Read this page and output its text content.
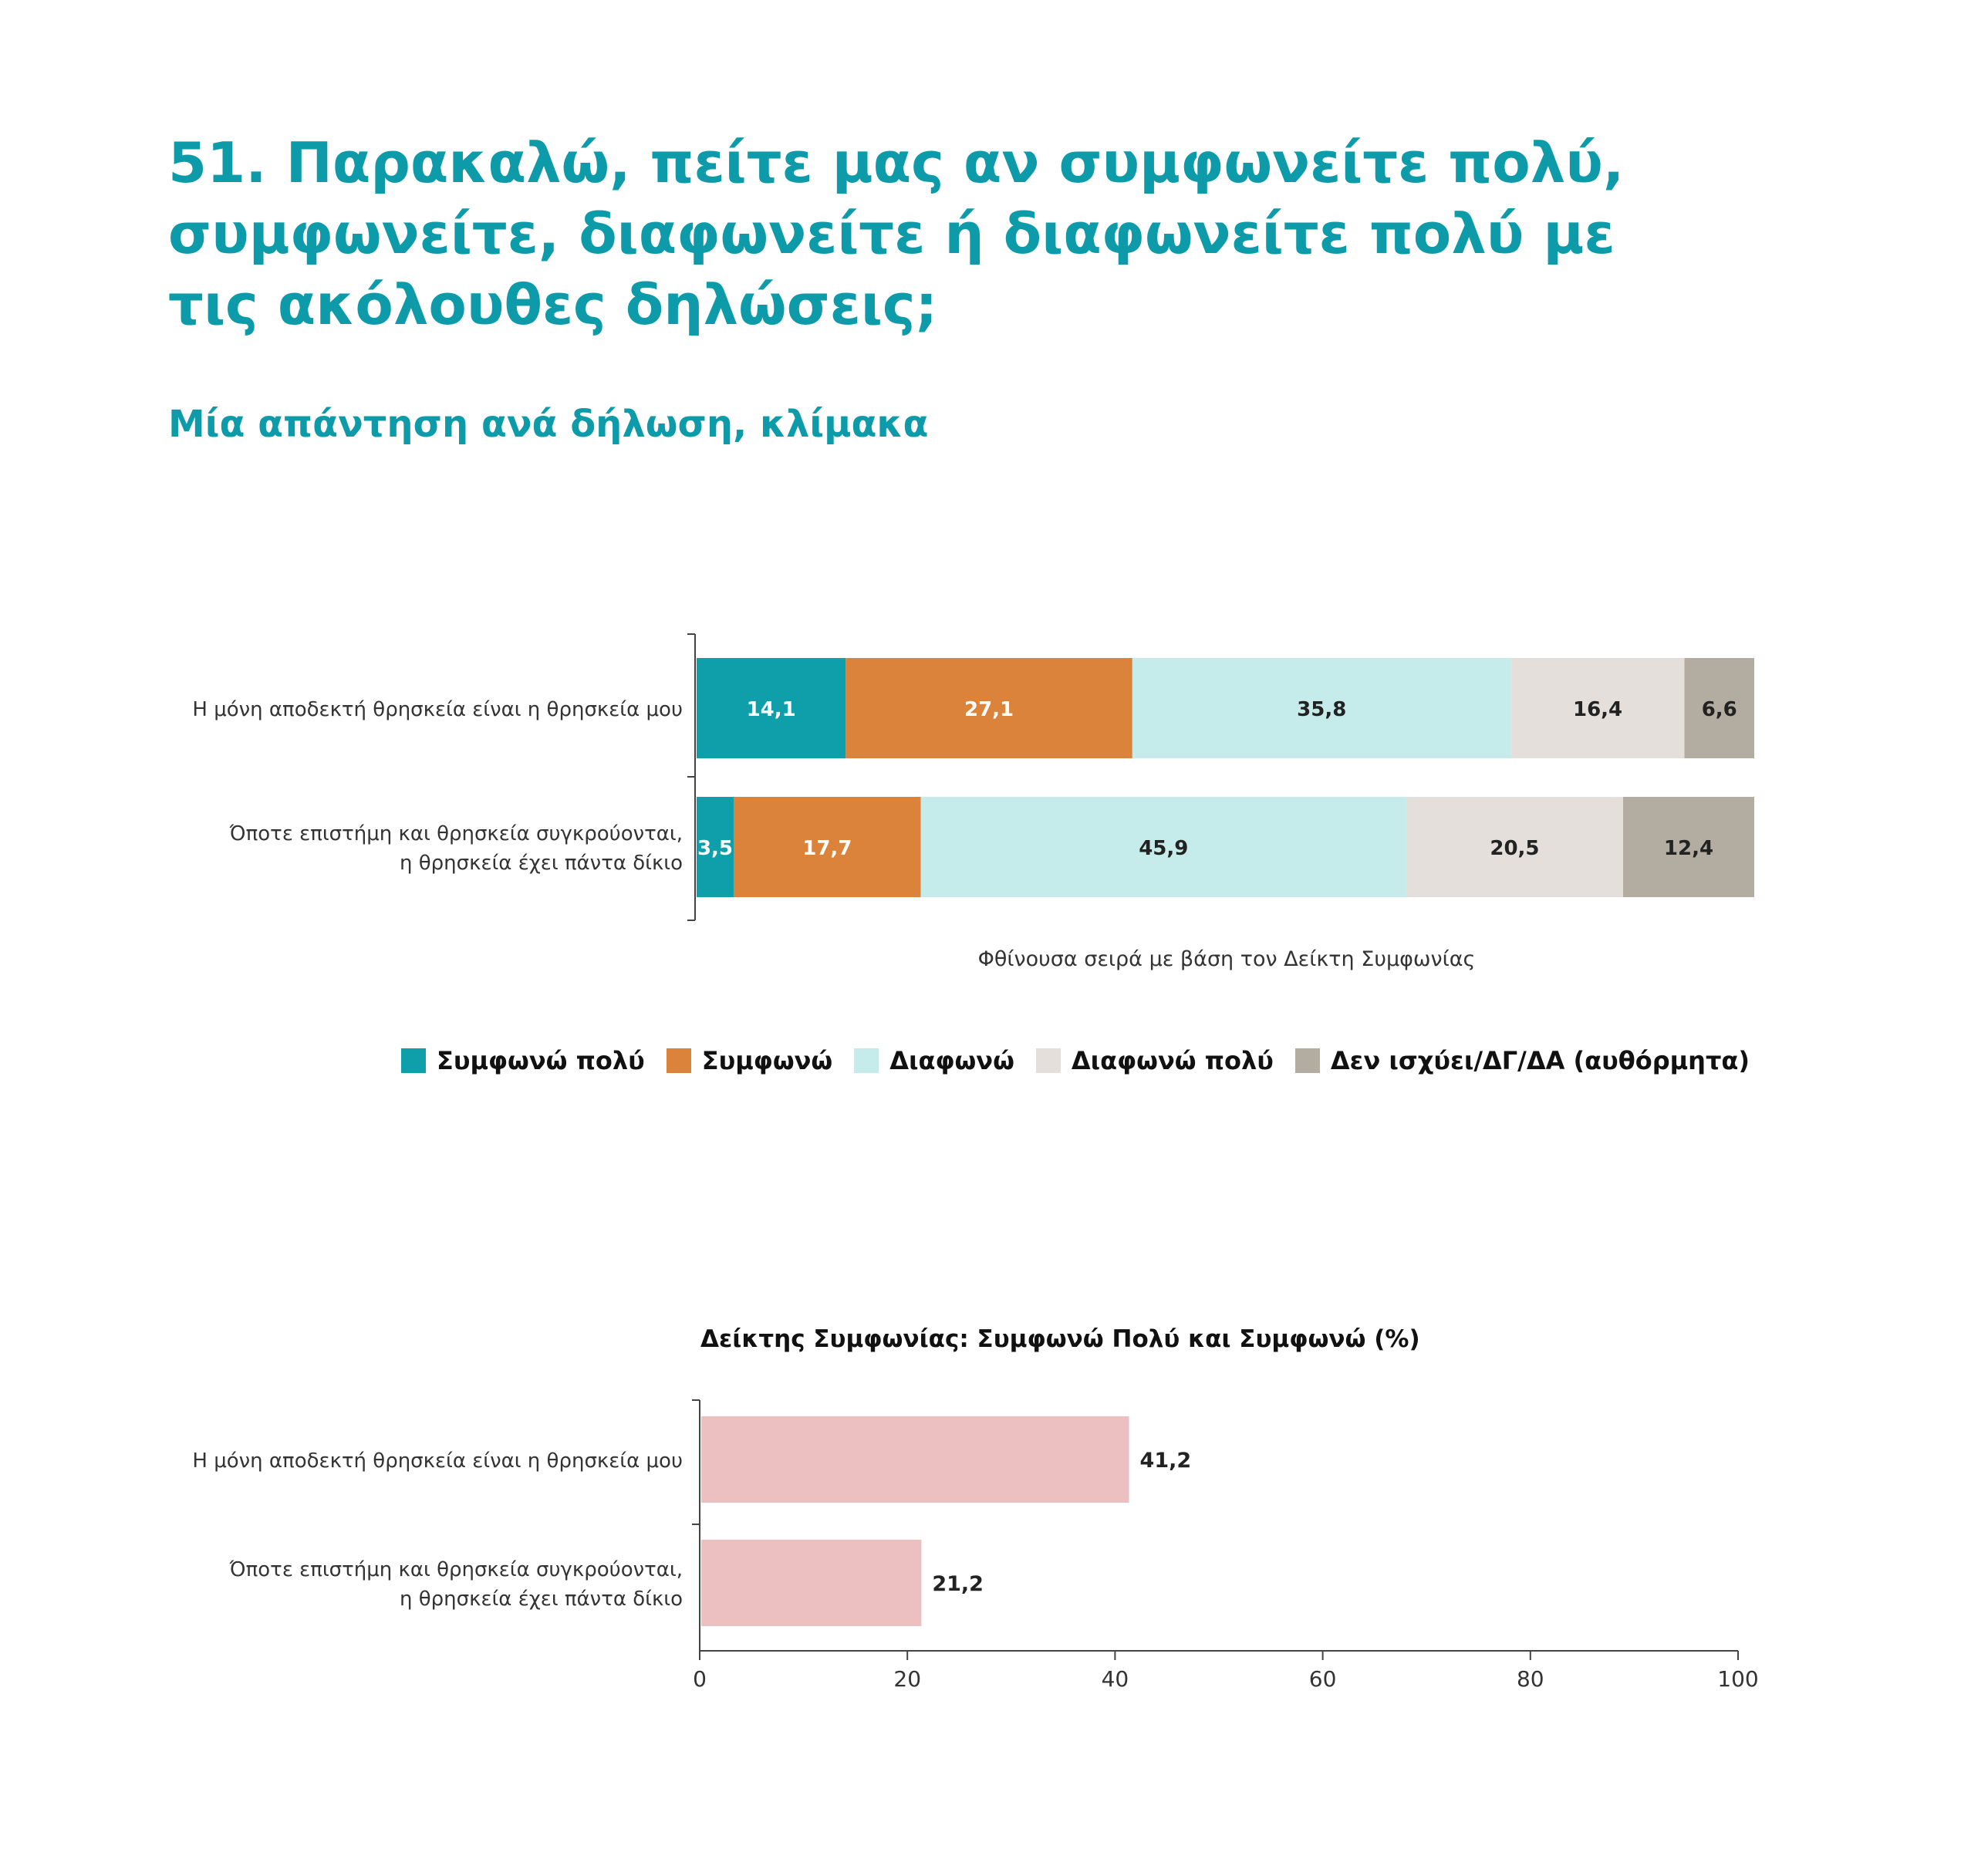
51. Παρακαλώ, πείτε μας αν συμφωνείτε πολύ, συμφωνείτε, διαφωνείτε ή διαφωνείτε πολύ με τις ακόλουθες δηλώσεις;
Μία απάντηση ανά δήλωση, κλίμακα
Η μόνη αποδεκτή θρησκεία είναι η θρησκεία μου	14,1	27,1	35,8	16,4	6,6
Όποτε επιστήμη και θρησκεία συγκρούονται, η θρησκεία έχει πάντα δίκιο
3,5	17,7	45,9	20,5	12,4
Φθίνουσα σειρά με βάση τον Δείκτη Συμφωνίας
Συμφωνώ πολύ Συμφωνώ Διαφωνώ Διαφωνώ πολύ Δεν ισχύει/ΔΓ/ΔΑ (αυθόρμητα)
Δείκτης Συμφωνίας: Συμφωνώ Πολύ και Συμφωνώ (%)
0	20	40	60	80	100
Η μόνη αποδεκτή θρησκεία είναι η θρησκεία μου	41,2
Όποτε επιστήμη και θρησκεία συγκρούονται, η θρησκεία έχει πάντα δίκιο
21,2
